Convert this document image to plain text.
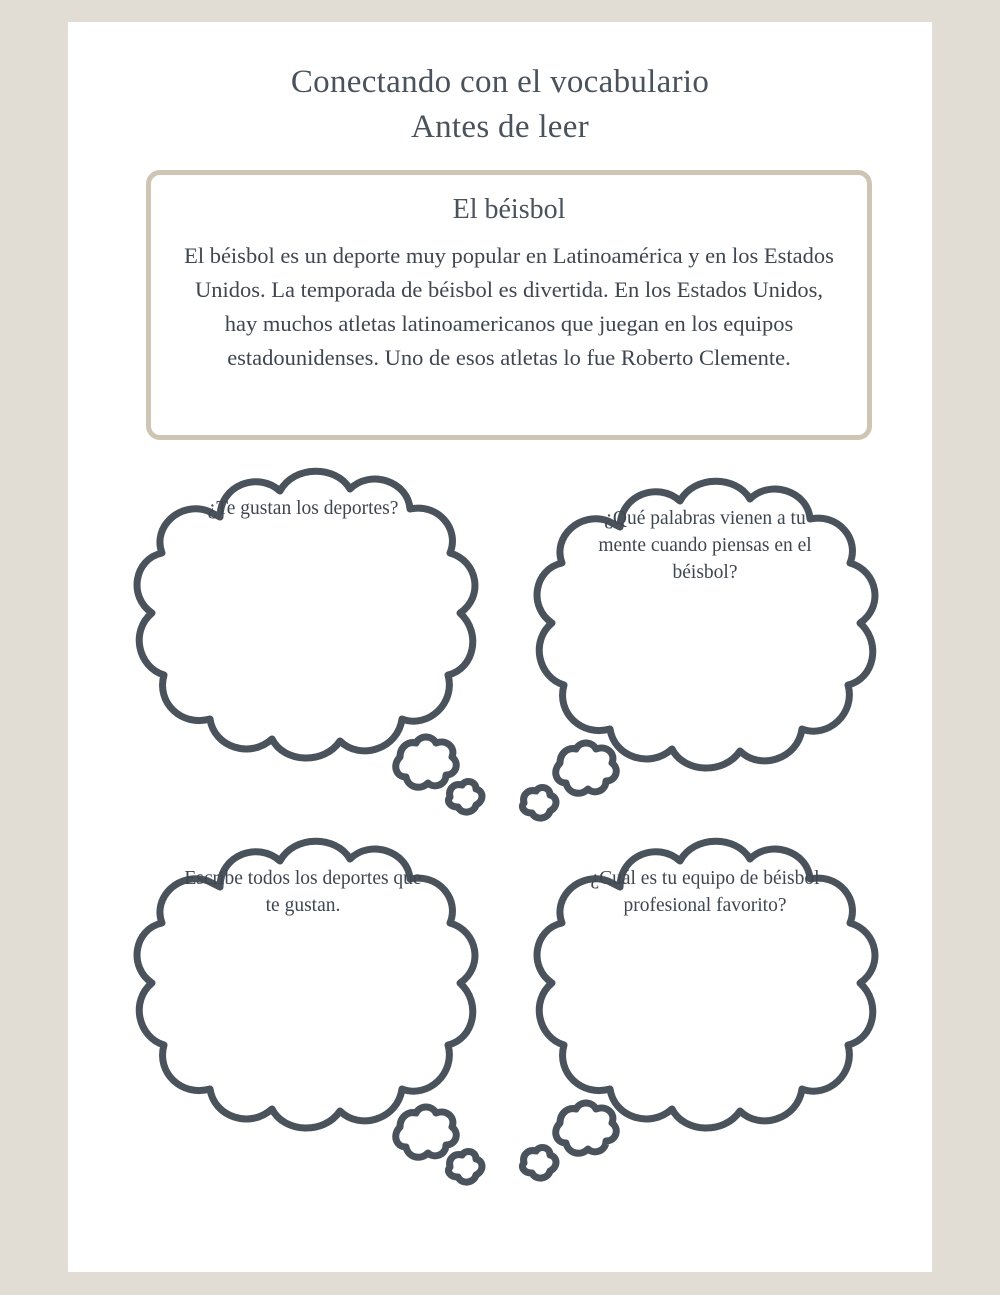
Conectando con el vocabulario
Antes de leer
El béisbol
El béisbol es un deporte muy popular en Latinoamérica y en los Estados Unidos. La temporada de béisbol es divertida. En los Estados Unidos, hay muchos atletas latinoamericanos que juegan en los equipos estadounidenses. Uno de esos atletas lo fue Roberto Clemente.
¿Te gustan los deportes?	¿Qué palabras vienen a tu mente cuando piensas en el béisbol?
Escribe todos los deportes que te gustan.
¿Cuál es tu equipo de béisbol profesional favorito?
